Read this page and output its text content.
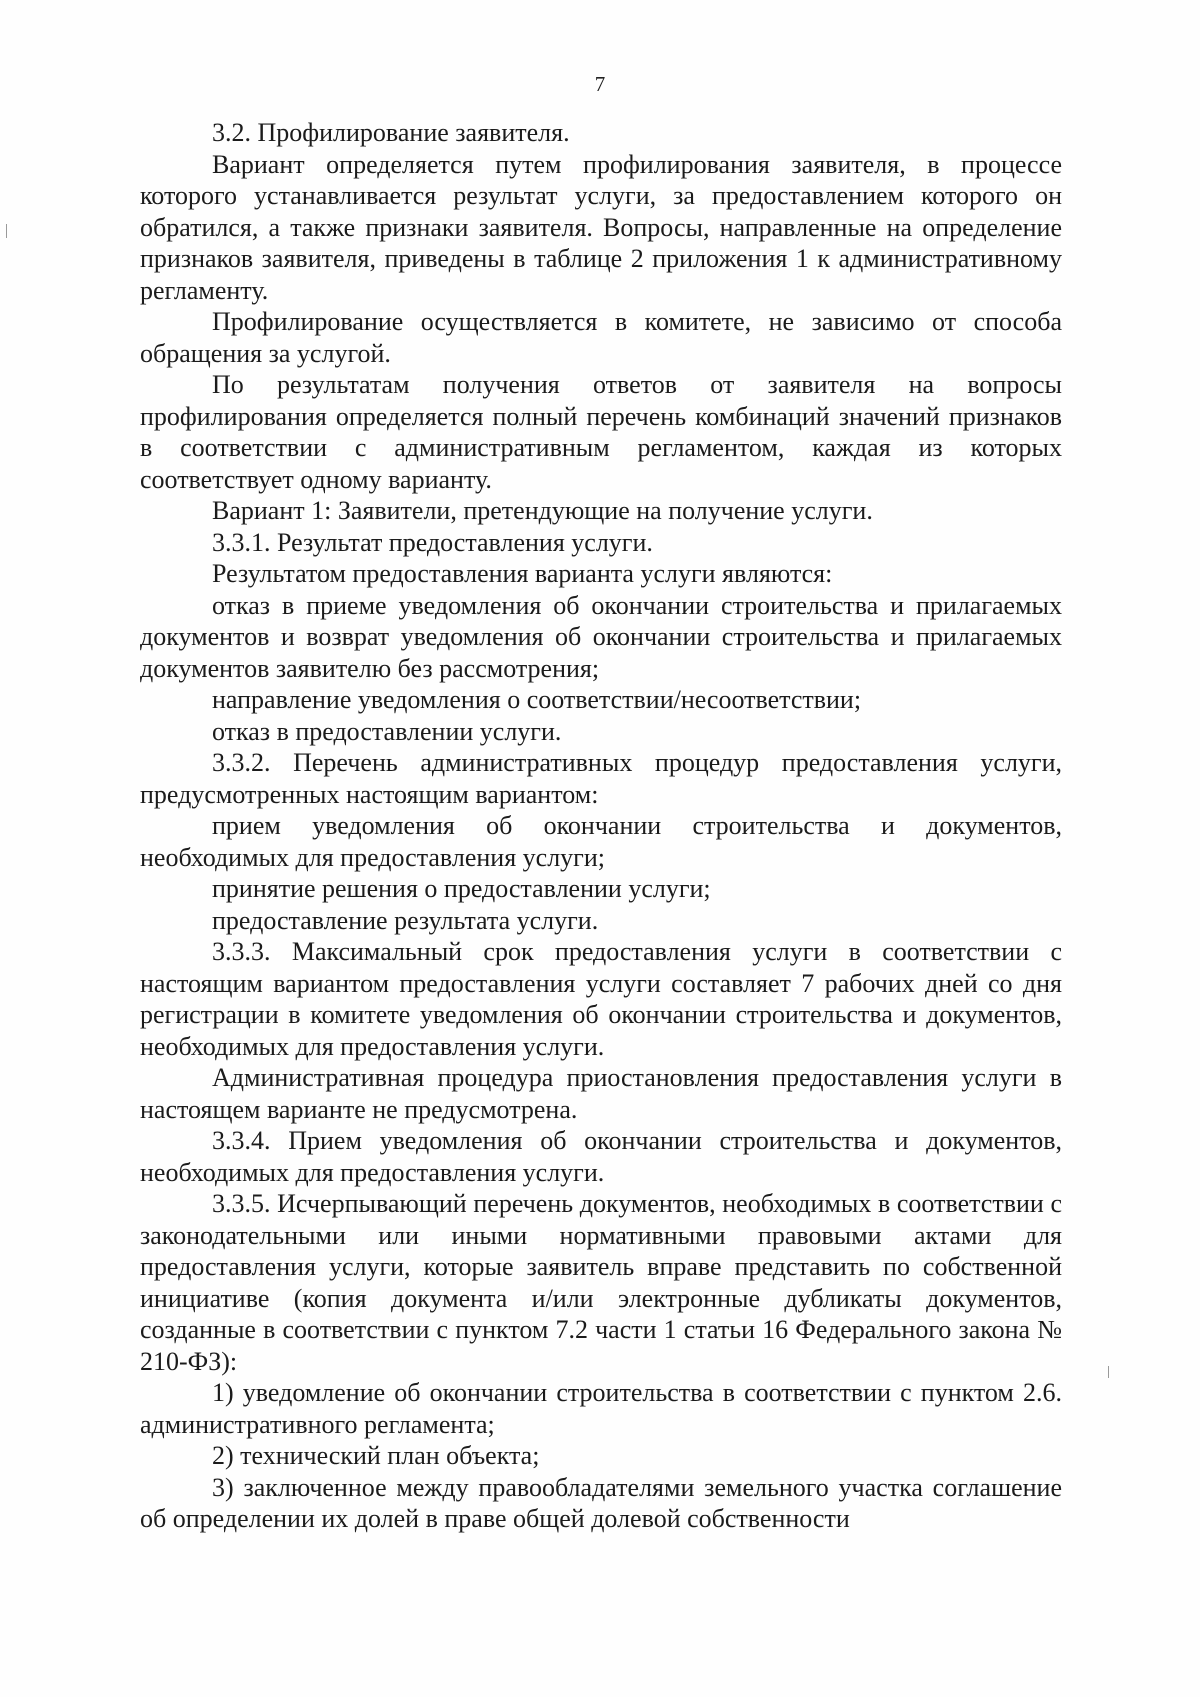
7

3.2. Профилирование заявителя.

Вариант определяется путем профилирования заявителя, в процессе которого устанавливается результат услуги, за предоставлением которого он обратился, а также признаки заявителя. Вопросы, направленные на определение признаков заявителя, приведены в таблице 2 приложения 1 к административному регламенту.

Профилирование осуществляется в комитете, не зависимо от способа обращения за услугой.

По результатам получения ответов от заявителя на вопросы профилирования определяется полный перечень комбинаций значений признаков в соответствии с административным регламентом, каждая из которых соответствует одному варианту.

Вариант 1: Заявители, претендующие на получение услуги.

3.3.1. Результат предоставления услуги.

Результатом предоставления варианта услуги являются:

отказ в приеме уведомления об окончании строительства и прилагаемых документов и возврат уведомления об окончании строительства и прилагаемых документов заявителю без рассмотрения;

направление уведомления о соответствии/несоответствии;

отказ в предоставлении услуги.

3.3.2. Перечень административных процедур предоставления услуги, предусмотренных настоящим вариантом:

прием уведомления об окончании строительства и документов, необходимых для предоставления услуги;

принятие решения о предоставлении услуги;

предоставление результата услуги.

3.3.3. Максимальный срок предоставления услуги в соответствии с настоящим вариантом предоставления услуги составляет 7 рабочих дней со дня регистрации в комитете уведомления об окончании строительства и документов, необходимых для предоставления услуги.

Административная процедура приостановления предоставления услуги в настоящем варианте не предусмотрена.

3.3.4. Прием уведомления об окончании строительства и документов, необходимых для предоставления услуги.

3.3.5. Исчерпывающий перечень документов, необходимых в соответствии с законодательными или иными нормативными правовыми актами для предоставления услуги, которые заявитель вправе представить по собственной инициативе (копия документа и/или электронные дубликаты документов, созданные в соответствии с пунктом 7.2 части 1 статьи 16 Федерального закона № 210-ФЗ):

1) уведомление об окончании строительства в соответствии с пунктом 2.6. административного регламента;

2) технический план объекта;

3) заключенное между правообладателями земельного участка соглашение об определении их долей в праве общей долевой собственности
